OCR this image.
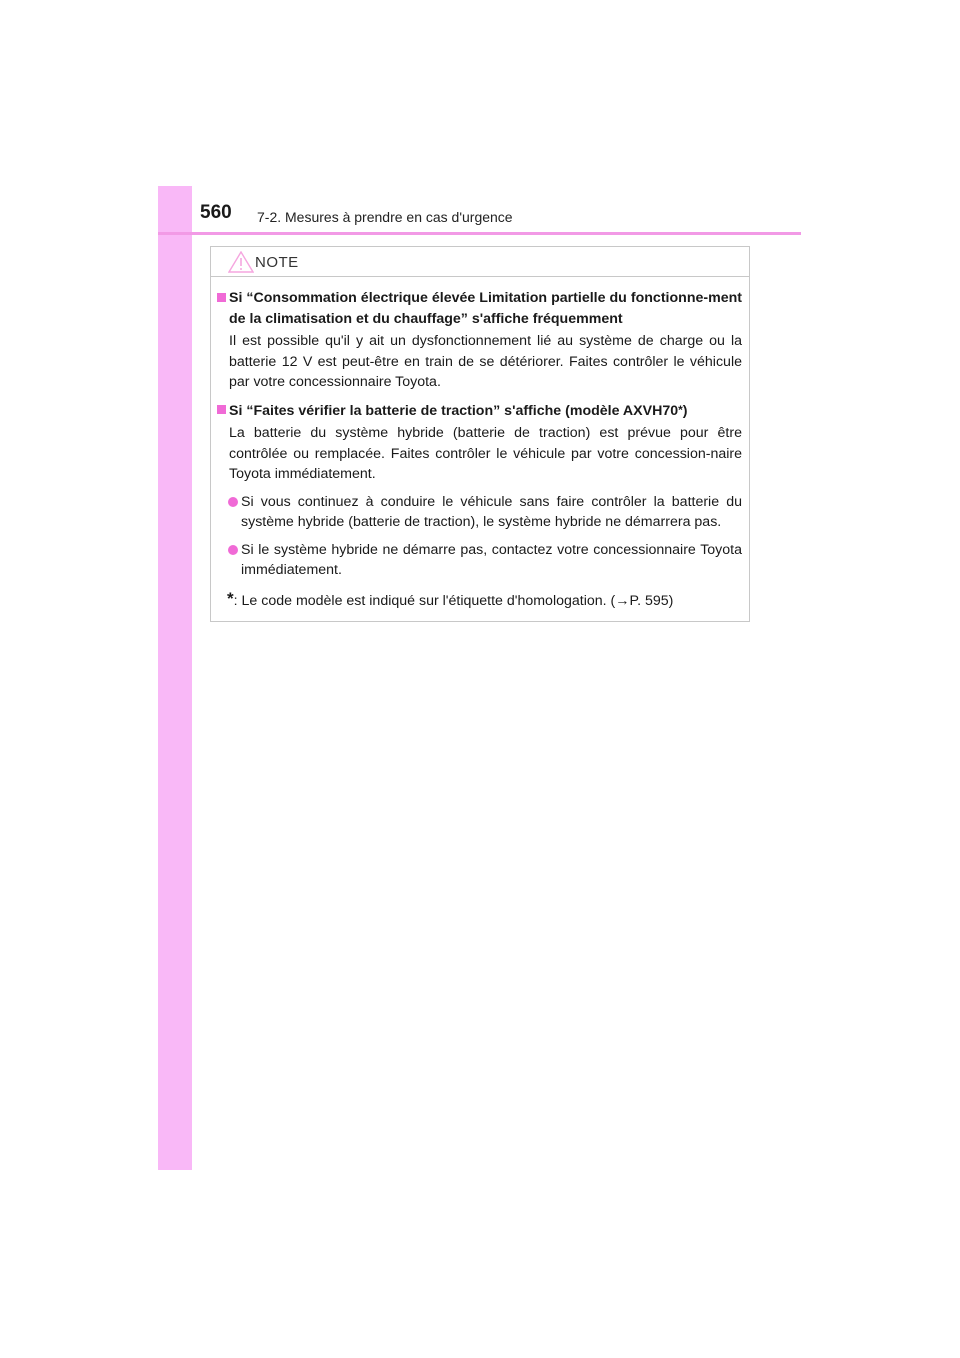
560 7-2. Mesures à prendre en cas d'urgence
NOTE
Si “Consommation électrique élevée Limitation partielle du fonctionne-ment de la climatisation et du chauffage” s'affiche fréquemment
Il est possible qu'il y ait un dysfonctionnement lié au système de charge ou la batterie 12 V est peut-être en train de se détériorer. Faites contrôler le véhicule par votre concessionnaire Toyota.
Si “Faites vérifier la batterie de traction” s'affiche (modèle AXVH70*)
La batterie du système hybride (batterie de traction) est prévue pour être contrôlée ou remplacée. Faites contrôler le véhicule par votre concession-naire Toyota immédiatement.
Si vous continuez à conduire le véhicule sans faire contrôler la batterie du système hybride (batterie de traction), le système hybride ne démarrera pas.
Si le système hybride ne démarre pas, contactez votre concessionnaire Toyota immédiatement.
*: Le code modèle est indiqué sur l'étiquette d'homologation. (→P. 595)
